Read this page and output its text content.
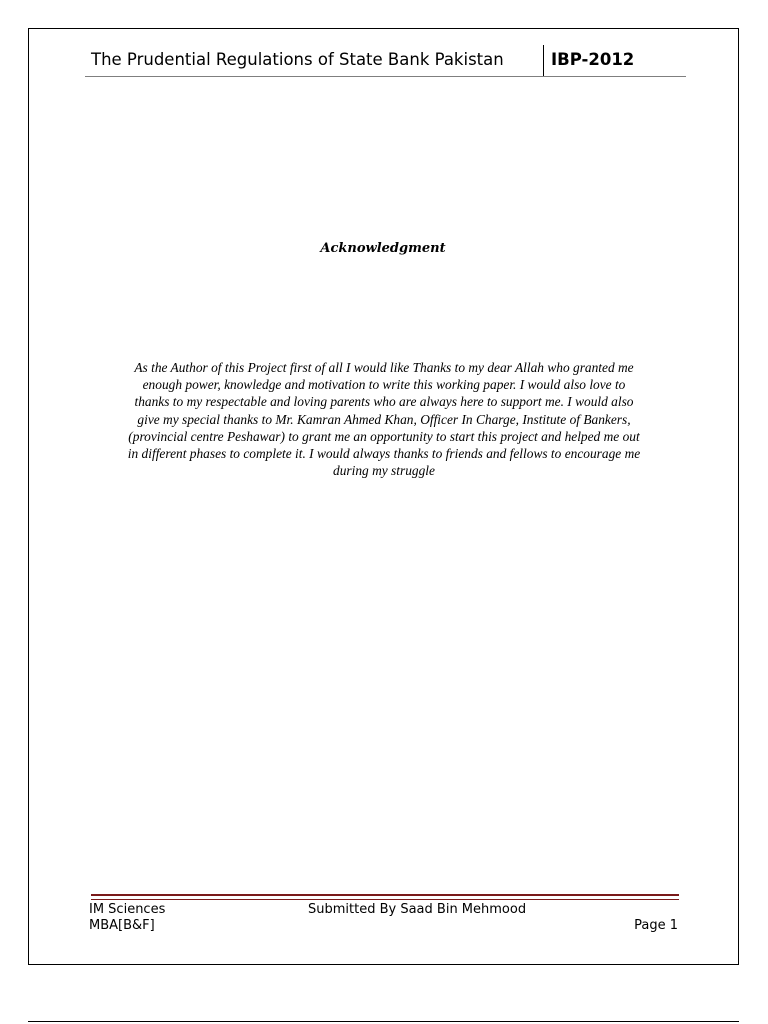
The Prudential Regulations of State Bank Pakistan	IBP-2012
Acknowledgment
As the Author of this Project first of all I would like Thanks to my dear Allah who granted me
enough power, knowledge and motivation to write this working paper. I would also love to
thanks to my respectable and loving parents who are always here to support me. I would also
give my special thanks to Mr. Kamran Ahmed Khan, Officer In Charge, Institute of Bankers,
(provincial centre Peshawar) to grant me an opportunity to start this project and helped me out
in different phases to complete it. I would always thanks to friends and fellows to encourage me
during my struggle
IM Sciences
MBA[B&F]
Submitted By Saad Bin Mehmood
Page 1
